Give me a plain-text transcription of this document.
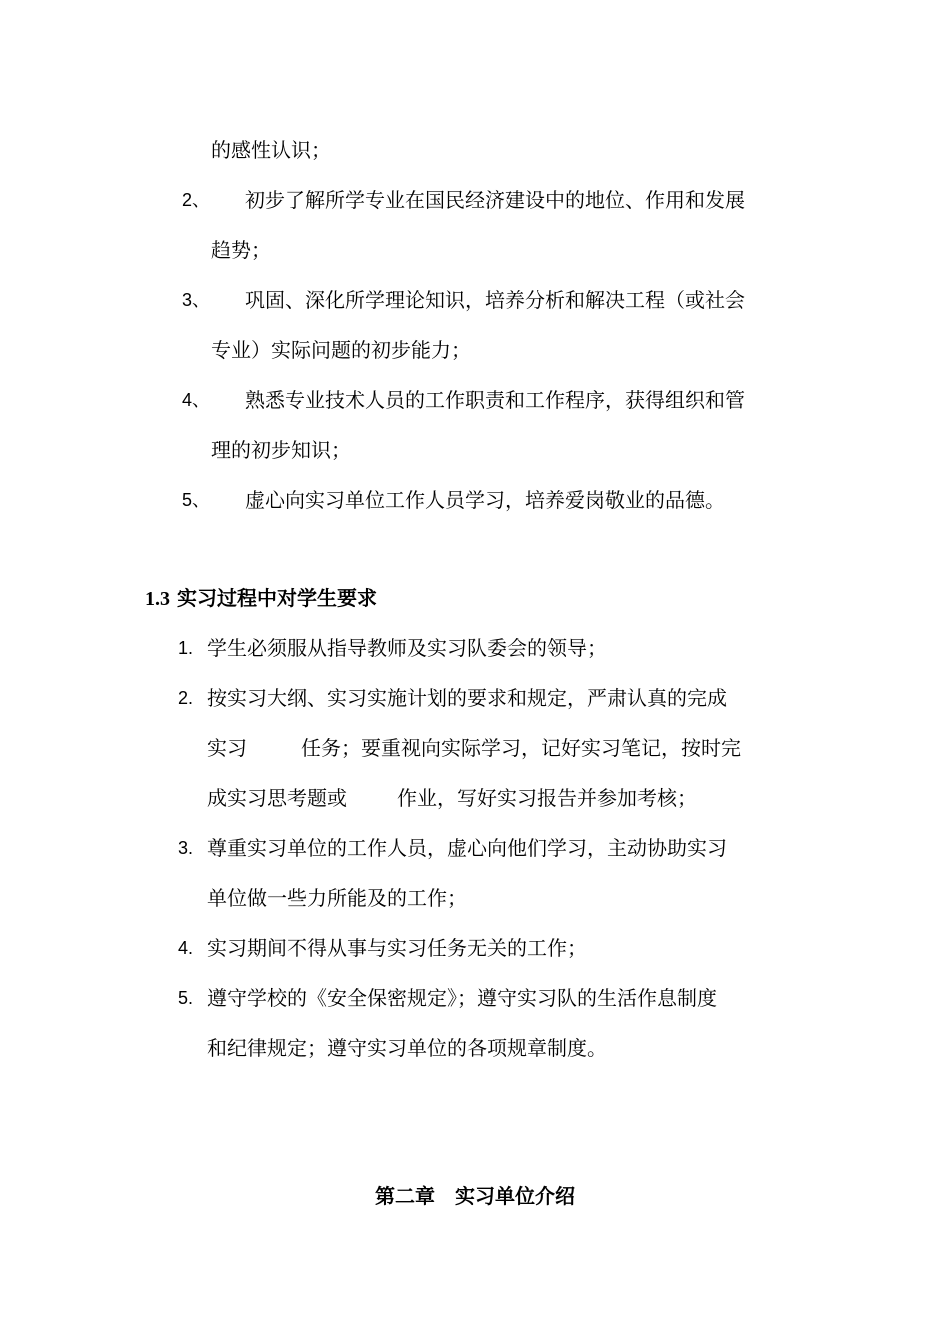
的感性认识；
2、 初步了解所学专业在国民经济建设中的地位、作用和发展
趋势；
3、 巩固、深化所学理论知识，培养分析和解决工程（或社会
专业）实际问题的初步能力；
4、 熟悉专业技术人员的工作职责和工作程序，获得组织和管
理的初步知识；
5、 虚心向实习单位工作人员学习，培养爱岗敬业的品德。
1.3 实习过程中对学生要求
1. 学生必须服从指导教师及实习队委会的领导；
2. 按实习大纲、实习实施计划的要求和规定，严肃认真的完成
实习	任务；要重视向实际学习，记好实习笔记，按时完
成实习思考题或	作业，写好实习报告并参加考核；
3. 尊重实习单位的工作人员，虚心向他们学习，主动协助实习
单位做一些力所能及的工作；
4. 实习期间不得从事与实习任务无关的工作；
5. 遵守学校的《安全保密规定》；遵守实习队的生活作息制度
和纪律规定；遵守实习单位的各项规章制度。
第二章　实习单位介绍
